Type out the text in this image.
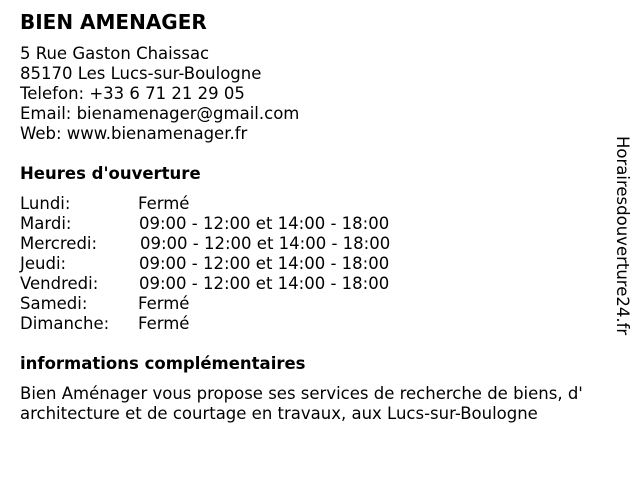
BIEN AMENAGER
5 Rue Gaston Chaissac
85170 Les Lucs-sur-Boulogne
Telefon: +33 6 71 21 29 05
Email: bienamenager@gmail.com
Web: www.bienamenager.fr
Heures d'ouverture
Lundi:	Fermé
Mardi:	09:00 - 12:00 et 14:00 - 18:00
Mercredi:	09:00 - 12:00 et 14:00 - 18:00
Jeudi:	09:00 - 12:00 et 14:00 - 18:00
Vendredi: 09:00 - 12:00 et 14:00 - 18:00
Samedi:	Fermé
Dimanche: Fermé
informations complémentaires
Bien Aménager vous propose ses services de recherche de biens, d'
architecture et de courtage en travaux, aux Lucs-sur-Boulogne
Horairesdouverture24.fr
